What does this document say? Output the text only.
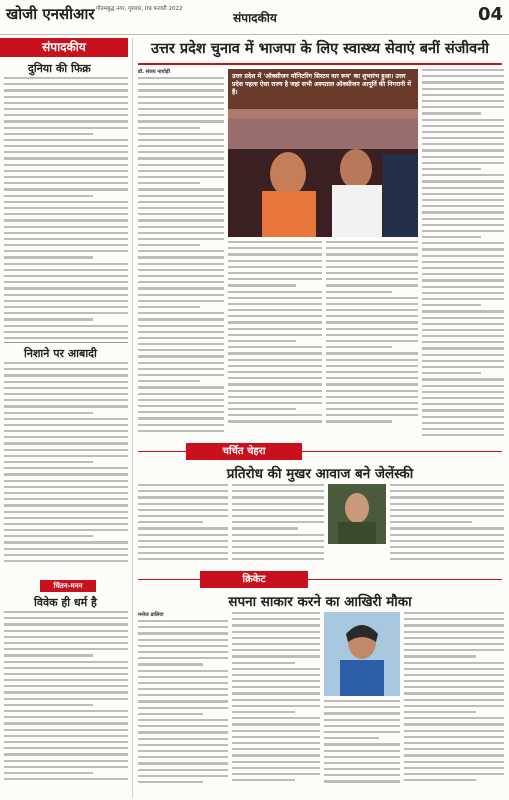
खोजी एनसीआर गौतमबुद्ध नगर, गुरुवार, 09 फरवरी 2022
संपादकीय	04
संपादकीय
दुनिया की फिक्र
निशाने पर आबादी
चिंतन-मनन
विवेक ही धर्म है
उत्तर प्रदेश चुनाव में भाजपा के लिए स्वास्थ्य सेवाएं बनीं संजीवनी
डॉ. संजय नाथोड़ी
उत्तर प्रदेश में 'ऑक्सीजन मॉनिटरिंग सिस्टम वार रूम' का शुभारंभ हुआ। उत्तर प्रदेश पहला ऐसा राज्य है जहां सभी अस्पताल ऑक्सीजन आपूर्ति की निगरानी में हैं।
चर्चित चेहरा
प्रतिरोध की मुखर आवाज बने जेलेंस्की
क्रिकेट
सपना साकार करने का आखिरी मौका
मनोज ढालिया
